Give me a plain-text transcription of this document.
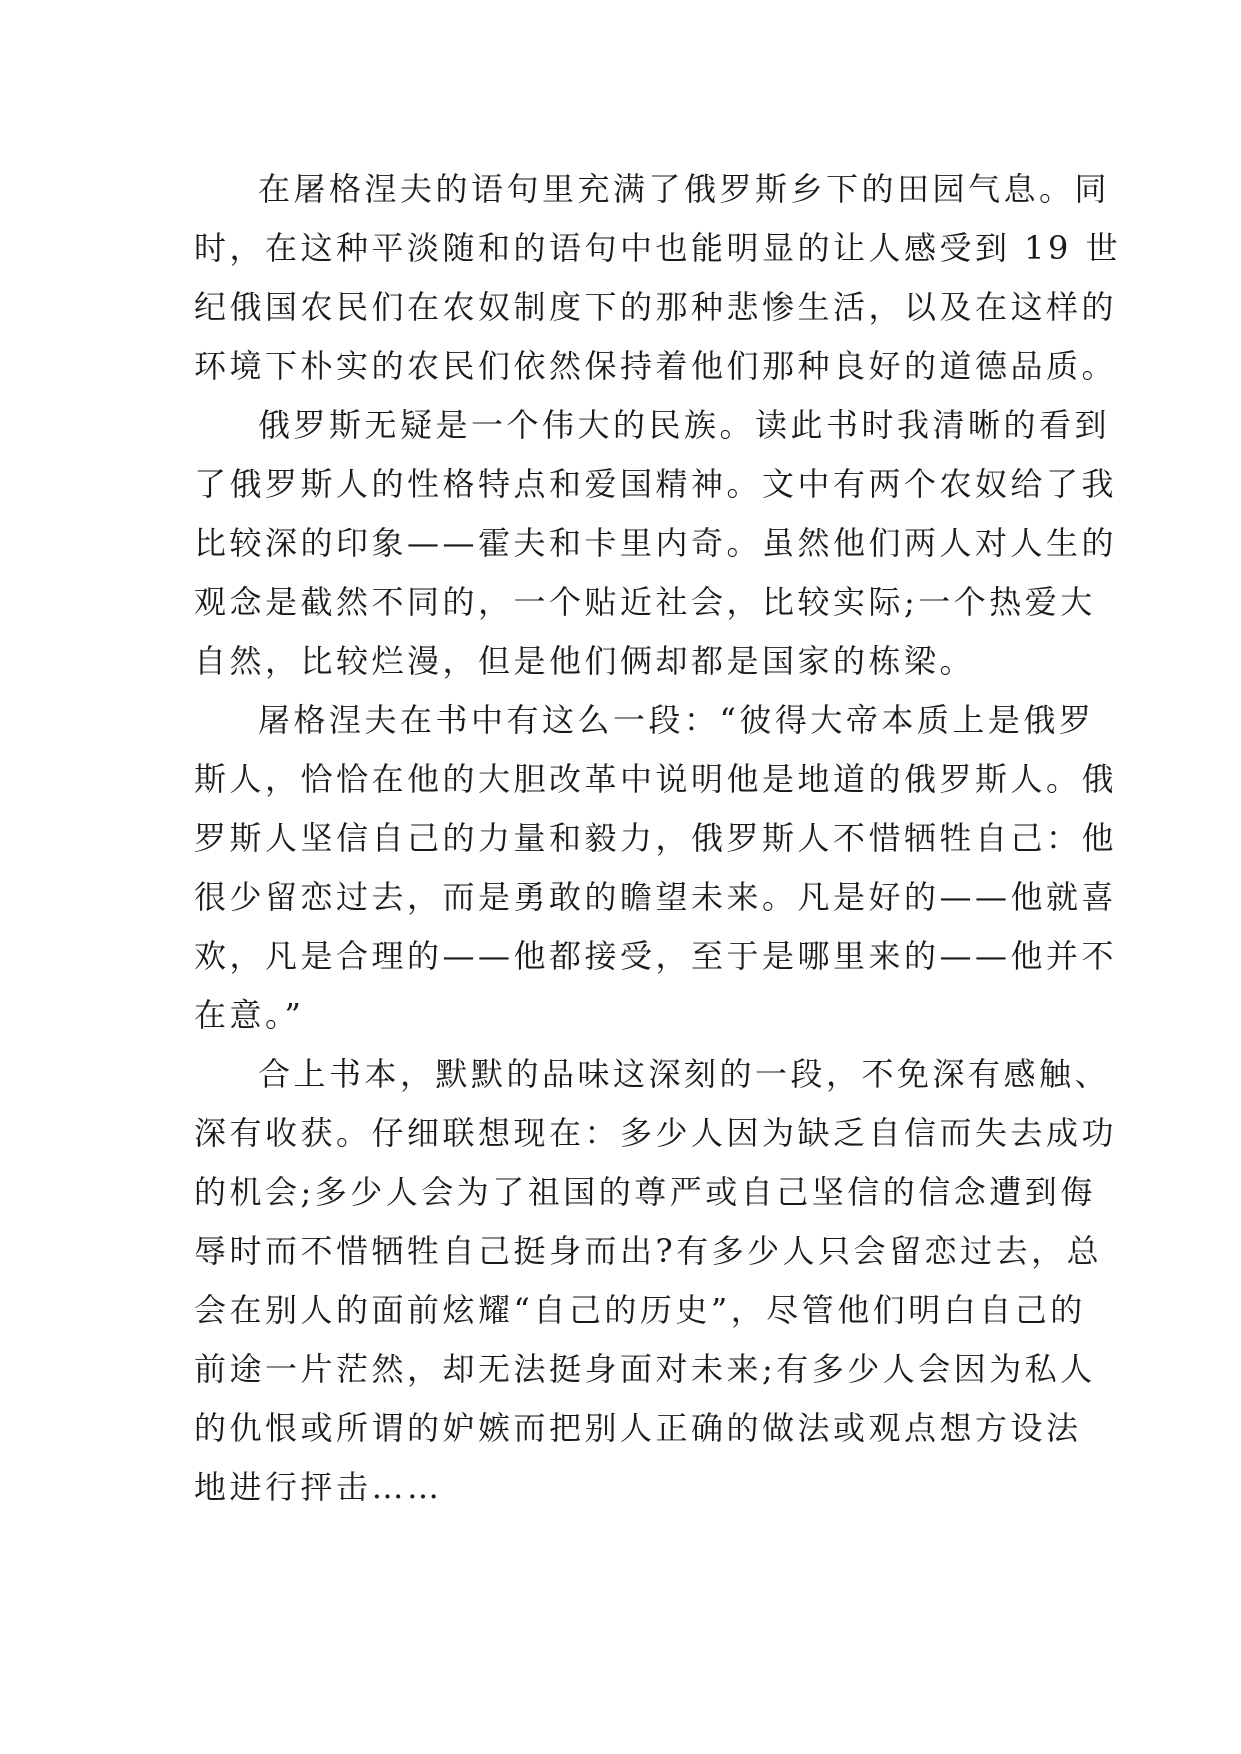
在屠格涅夫的语句里充满了俄罗斯乡下的田园气息。同
时，在这种平淡随和的语句中也能明显的让人感受到 19 世
纪俄国农民们在农奴制度下的那种悲惨生活，以及在这样的
环境下朴实的农民们依然保持着他们那种良好的道德品质。
俄罗斯无疑是一个伟大的民族。读此书时我清晰的看到
了俄罗斯人的性格特点和爱国精神。文中有两个农奴给了我
比较深的印象——霍夫和卡里内奇。虽然他们两人对人生的
观念是截然不同的，一个贴近社会，比较实际;一个热爱大
自然，比较烂漫，但是他们俩却都是国家的栋梁。
屠格涅夫在书中有这么一段：“彼得大帝本质上是俄罗
斯人，恰恰在他的大胆改革中说明他是地道的俄罗斯人。俄
罗斯人坚信自己的力量和毅力，俄罗斯人不惜牺牲自己：他
很少留恋过去，而是勇敢的瞻望未来。凡是好的——他就喜
欢，凡是合理的——他都接受，至于是哪里来的——他并不
在意。”
合上书本，默默的品味这深刻的一段，不免深有感触、
深有收获。仔细联想现在：多少人因为缺乏自信而失去成功
的机会;多少人会为了祖国的尊严或自己坚信的信念遭到侮
辱时而不惜牺牲自己挺身而出?有多少人只会留恋过去，总
会在别人的面前炫耀“自己的历史”，尽管他们明白自己的
前途一片茫然，却无法挺身面对未来;有多少人会因为私人
的仇恨或所谓的妒嫉而把别人正确的做法或观点想方设法
地进行抨击……
